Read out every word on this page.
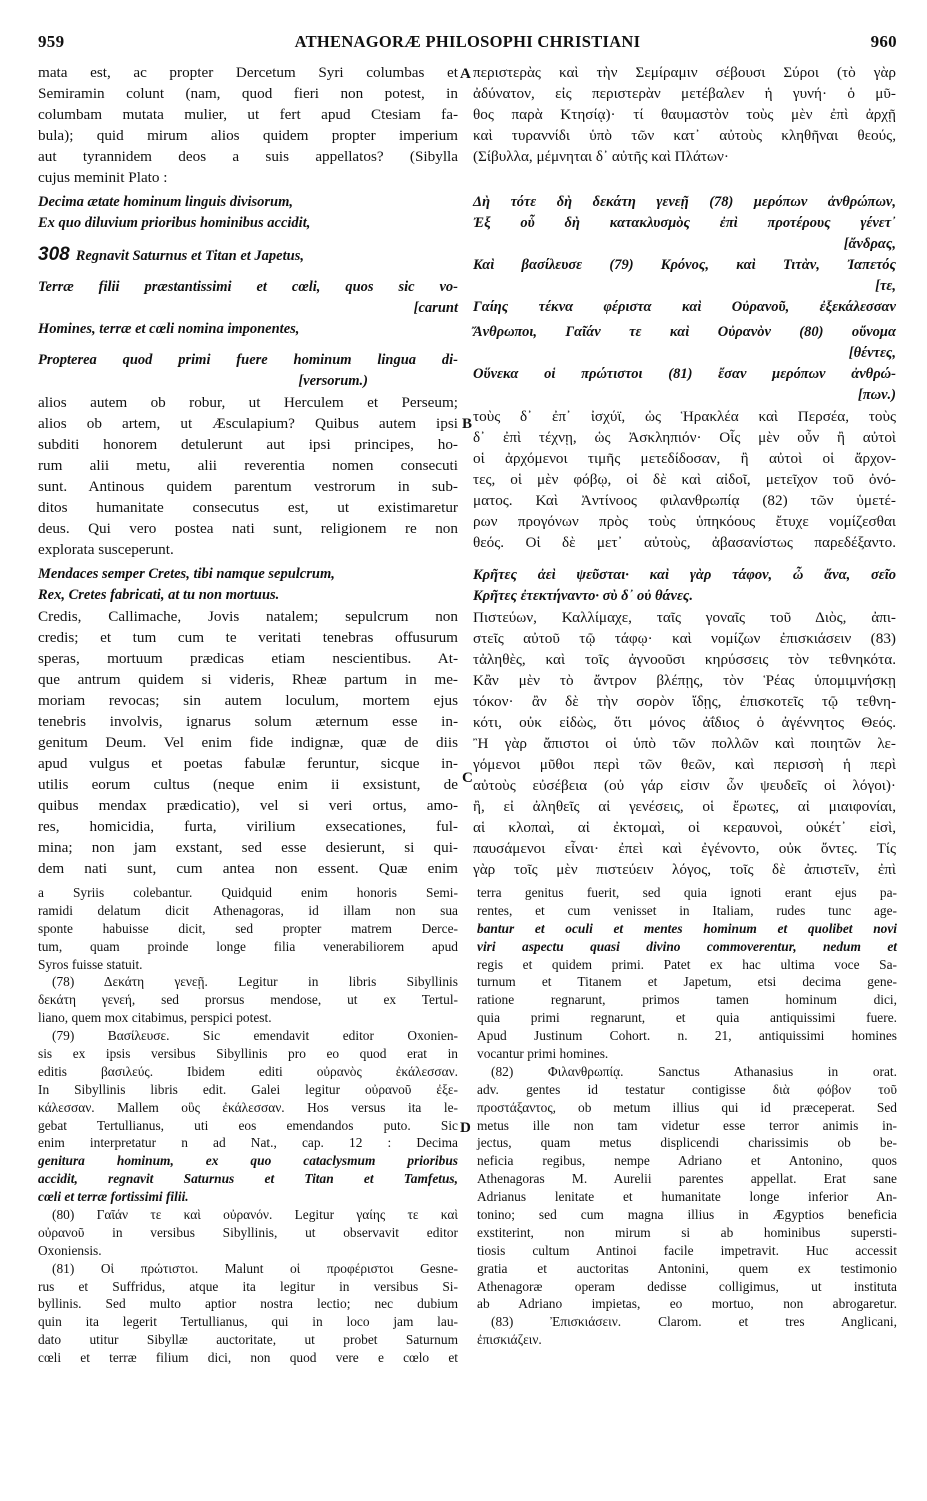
959	ATHENAGORÆ PHILOSOPHI CHRISTIANI	960
A
B
C
D
mata est, ac propter Dercetum Syri columbas et
Semiramin colunt (nam, quod fieri non potest, in
columbam mutata mulier, ut fert apud Ctesiam fa-
bula); quid mirum alios quidem propter imperium
aut tyrannidem deos a suis appellatos? (Sibylla
cujus meminit Plato :
Decima ætate hominum linguis divisorum,
Ex quo diluvium prioribus hominibus accidit,
308 Regnavit Saturnus et Titan et Japetus,
Terræ filii præstantissimi et cœli, quos sic vo-
[carunt
Homines, terræ et cœli nomina imponentes,
Propterea quod primi fuere hominum lingua di-
[versorum.)
alios autem ob robur, ut Herculem et Perseum;
alios ob artem, ut Æsculapium? Quibus autem ipsi
subditi honorem detulerunt aut ipsi principes, ho-
rum alii metu, alii reverentia nomen consecuti
sunt. Antinous quidem parentum vestrorum in sub-
ditos humanitate consecutus est, ut existimaretur
deus. Qui vero postea nati sunt, religionem re non
explorata susceperunt.
Mendaces semper Cretes, tibi namque sepulcrum,
Rex, Cretes fabricati, at tu non mortuus.
Credis, Callimache, Jovis natalem; sepulcrum non
credis; et tum cum te veritati tenebras offusurum
speras, mortuum prædicas etiam nescientibus. At-
que antrum quidem si videris, Rheæ partum in me-
moriam revocas; sin autem loculum, mortem ejus
tenebris involvis, ignarus solum æternum esse in-
genitum Deum. Vel enim fide indignæ, quæ de diis
apud vulgus et poetas fabulæ feruntur, sicque in-
utilis eorum cultus (neque enim ii exsistunt, de
quibus mendax prædicatio), vel si veri ortus, amo-
res, homicidia, furta, virilium exsecationes, ful-
mina; non jam exstant, sed esse desierunt, si qui-
dem nati sunt, cum antea non essent. Quæ enim
περιστερὰς καὶ τὴν Σεμίραμιν σέβουσι Σύροι (τὸ γὰρ
ἀδύνατον, εἰς περιστερὰν μετέβαλεν ἡ γυνή· ὁ μῦ-
θος παρὰ Κτησίᾳ)· τί θαυμαστὸν τοὺς μὲν ἐπὶ ἀρχῇ
καὶ τυραννίδι ὑπὸ τῶν κατ᾽ αὐτοὺς κληθῆναι θεούς,
(Σίβυλλα, μέμνηται δ᾽ αὐτῆς καὶ Πλάτων·
Δὴ τότε δὴ δεκάτη γενεῇ (78) μερόπων ἀνθρώπων,
Ἐξ οὗ δὴ κατακλυσμὸς ἐπὶ προτέρους γένετ᾽
[ἄνδρας,
Καὶ βασίλευσε (79) Κρόνος, καὶ Τιτὰν, Ἰαπετός
[τε,
Γαίης τέκνα φέριστα καὶ Οὐρανοῦ, ἐξεκάλεσσαν
Ἄνθρωποι, Γαῖάν τε καὶ Οὐρανὸν (80) οὔνομα
[θέντες,
Οὕνεκα οἱ πρώτιστοι (81) ἔσαν μερόπων ἀνθρώ-
[πων.)
τοὺς δ᾽ ἐπ᾽ ἰσχύϊ, ὡς Ἡρακλέα καὶ Περσέα, τοὺς
δ᾽ ἐπὶ τέχνῃ, ὡς Ἀσκληπιόν· Οἷς μὲν οὖν ἢ αὐτοὶ
οἱ ἀρχόμενοι τιμῆς μετεδίδοσαν, ἢ αὐτοὶ οἱ ἄρχον-
τες, οἱ μὲν φόβῳ, οἱ δὲ καὶ αἰδοῖ, μετεῖχον τοῦ ὀνό-
ματος. Καὶ Ἀντίνοος φιλανθρωπίᾳ (82) τῶν ὑμετέ-
ρων προγόνων πρὸς τοὺς ὑπηκόους ἔτυχε νομίζεσθαι
θεός. Οἱ δὲ μετ᾽ αὐτοὺς, ἀβασανίστως παρεδέξαντο.
Κρῆτες ἀεὶ ψεῦσται· καὶ γὰρ τάφον, ὦ ἄνα, σεῖο
Κρῆτες ἐτεκτήναντο· σὺ δ᾽ οὐ θάνες.
Πιστεύων, Καλλίμαχε, ταῖς γοναῖς τοῦ Διὸς, ἀπι-
στεῖς αὐτοῦ τῷ τάφῳ· καὶ νομίζων ἐπισκιάσειν (83)
τἀληθὲς, καὶ τοῖς ἀγνοοῦσι κηρύσσεις τὸν τεθνηκότα.
Κἂν μὲν τὸ ἄντρον βλέπῃς, τὸν Ῥέας ὑπομιμνήσκῃ
τόκον· ἂν δὲ τὴν σορὸν ἴδῃς, ἐπισκοτεῖς τῷ τεθνη-
κότι, οὐκ εἰδὼς, ὅτι μόνος ἀΐδιος ὁ ἀγέννητος Θεός.
Ἢ γὰρ ἄπιστοι οἱ ὑπὸ τῶν πολλῶν καὶ ποιητῶν λε-
γόμενοι μῦθοι περὶ τῶν θεῶν, καὶ περισσὴ ἡ περὶ
αὐτοὺς εὐσέβεια (οὐ γάρ εἰσιν ὧν ψευδεῖς οἱ λόγοι)·
ἢ, εἰ ἀληθεῖς αἱ γενέσεις, οἱ ἔρωτες, αἱ μιαιφονίαι,
αἱ κλοπαὶ, αἱ ἐκτομαὶ, οἱ κεραυνοὶ, οὐκέτ᾽ εἰσὶ,
παυσάμενοι εἶναι· ἐπεὶ καὶ ἐγένοντο, οὐκ ὄντες. Τίς
γὰρ τοῖς μὲν πιστεύειν λόγος, τοῖς δὲ ἀπιστεῖν, ἐπὶ
a Syriis colebantur. Quidquid enim honoris Semi-
ramidi delatum dicit Athenagoras, id illam non sua
sponte habuisse dicit, sed propter matrem Derce-
tum, quam proinde longe filia venerabiliorem apud
Syros fuisse statuit.
(78) Δεκάτη γενεῇ. Legitur in libris Sibyllinis
δεκάτη γενεή, sed prorsus mendose, ut ex Tertul-
liano, quem mox citabimus, perspici potest.
(79) Βασίλευσε. Sic emendavit editor Oxonien-
sis ex ipsis versibus Sibyllinis pro eo quod erat in
editis βασιλεύς. Ibidem editi οὐρανὸς ἐκάλεσσαν.
In Sibyllinis libris edit. Galei legitur οὐρανοῦ ἐξε-
κάλεσσαν. Mallem οὓς ἐκάλεσσαν. Hos versus ita le-
gebat Tertullianus, uti eos emendandos puto. Sic
enim interpretatur n ad Nat., cap. 12 : Decima
genitura hominum, ex quo cataclysmum prioribus
accidit, regnavit Saturnus et Titan et Tamfetus,
cœli et terræ fortissimi filii.
(80) Γαῖάν τε καὶ οὐρανόν. Legitur γαίης τε καὶ
οὐρανοῦ in versibus Sibyllinis, ut observavit editor
Oxoniensis.
(81) Οἱ πρώτιστοι. Malunt οἱ προφέριστοι Gesne-
rus et Suffridus, atque ita legitur in versibus Si-
byllinis. Sed multo aptior nostra lectio; nec dubium
quin ita legerit Tertullianus, qui in loco jam lau-
dato utitur Sibyllæ auctoritate, ut probet Saturnum
cœli et terræ filium dici, non quod vere e cœlo et
terra genitus fuerit, sed quia ignoti erant ejus pa-
rentes, et cum venisset in Italiam, rudes tunc age-
bantur et oculi et mentes hominum et quolibet novi
viri aspectu quasi divino commoverentur, nedum et
regis et quidem primi. Patet ex hac ultima voce Sa-
turnum et Titanem et Japetum, etsi decima gene-
ratione regnarunt, primos tamen hominum dici,
quia primi regnarunt, et quia antiquissimi fuere.
Apud Justinum Cohort. n. 21, antiquissimi homines
vocantur primi homines.
(82) Φιλανθρωπίᾳ. Sanctus Athanasius in orat.
adv. gentes id testatur contigisse διὰ φόβον τοῦ
προστάξαντος, ob metum illius qui id præceperat. Sed
metus ille non tam videtur esse terror animis in-
jectus, quam metus displicendi charissimis ob be-
neficia regibus, nempe Adriano et Antonino, quos
Athenagoras M. Aurelii parentes appellat. Erat sane
Adrianus lenitate et humanitate longe inferior An-
tonino; sed cum magna illius in Ægyptios beneficia
exstiterint, non mirum si ab hominibus supersti-
tiosis cultum Antinoi facile impetravit. Huc accessit
gratia et auctoritas Antonini, quem ex testimonio
Athenagoræ operam dedisse colligimus, ut instituta
ab Adriano impietas, eo mortuo, non abrogaretur.
(83) Ἐπισκιάσειν. Clarom. et tres Anglicani,
ἐπισκιάζειν.
